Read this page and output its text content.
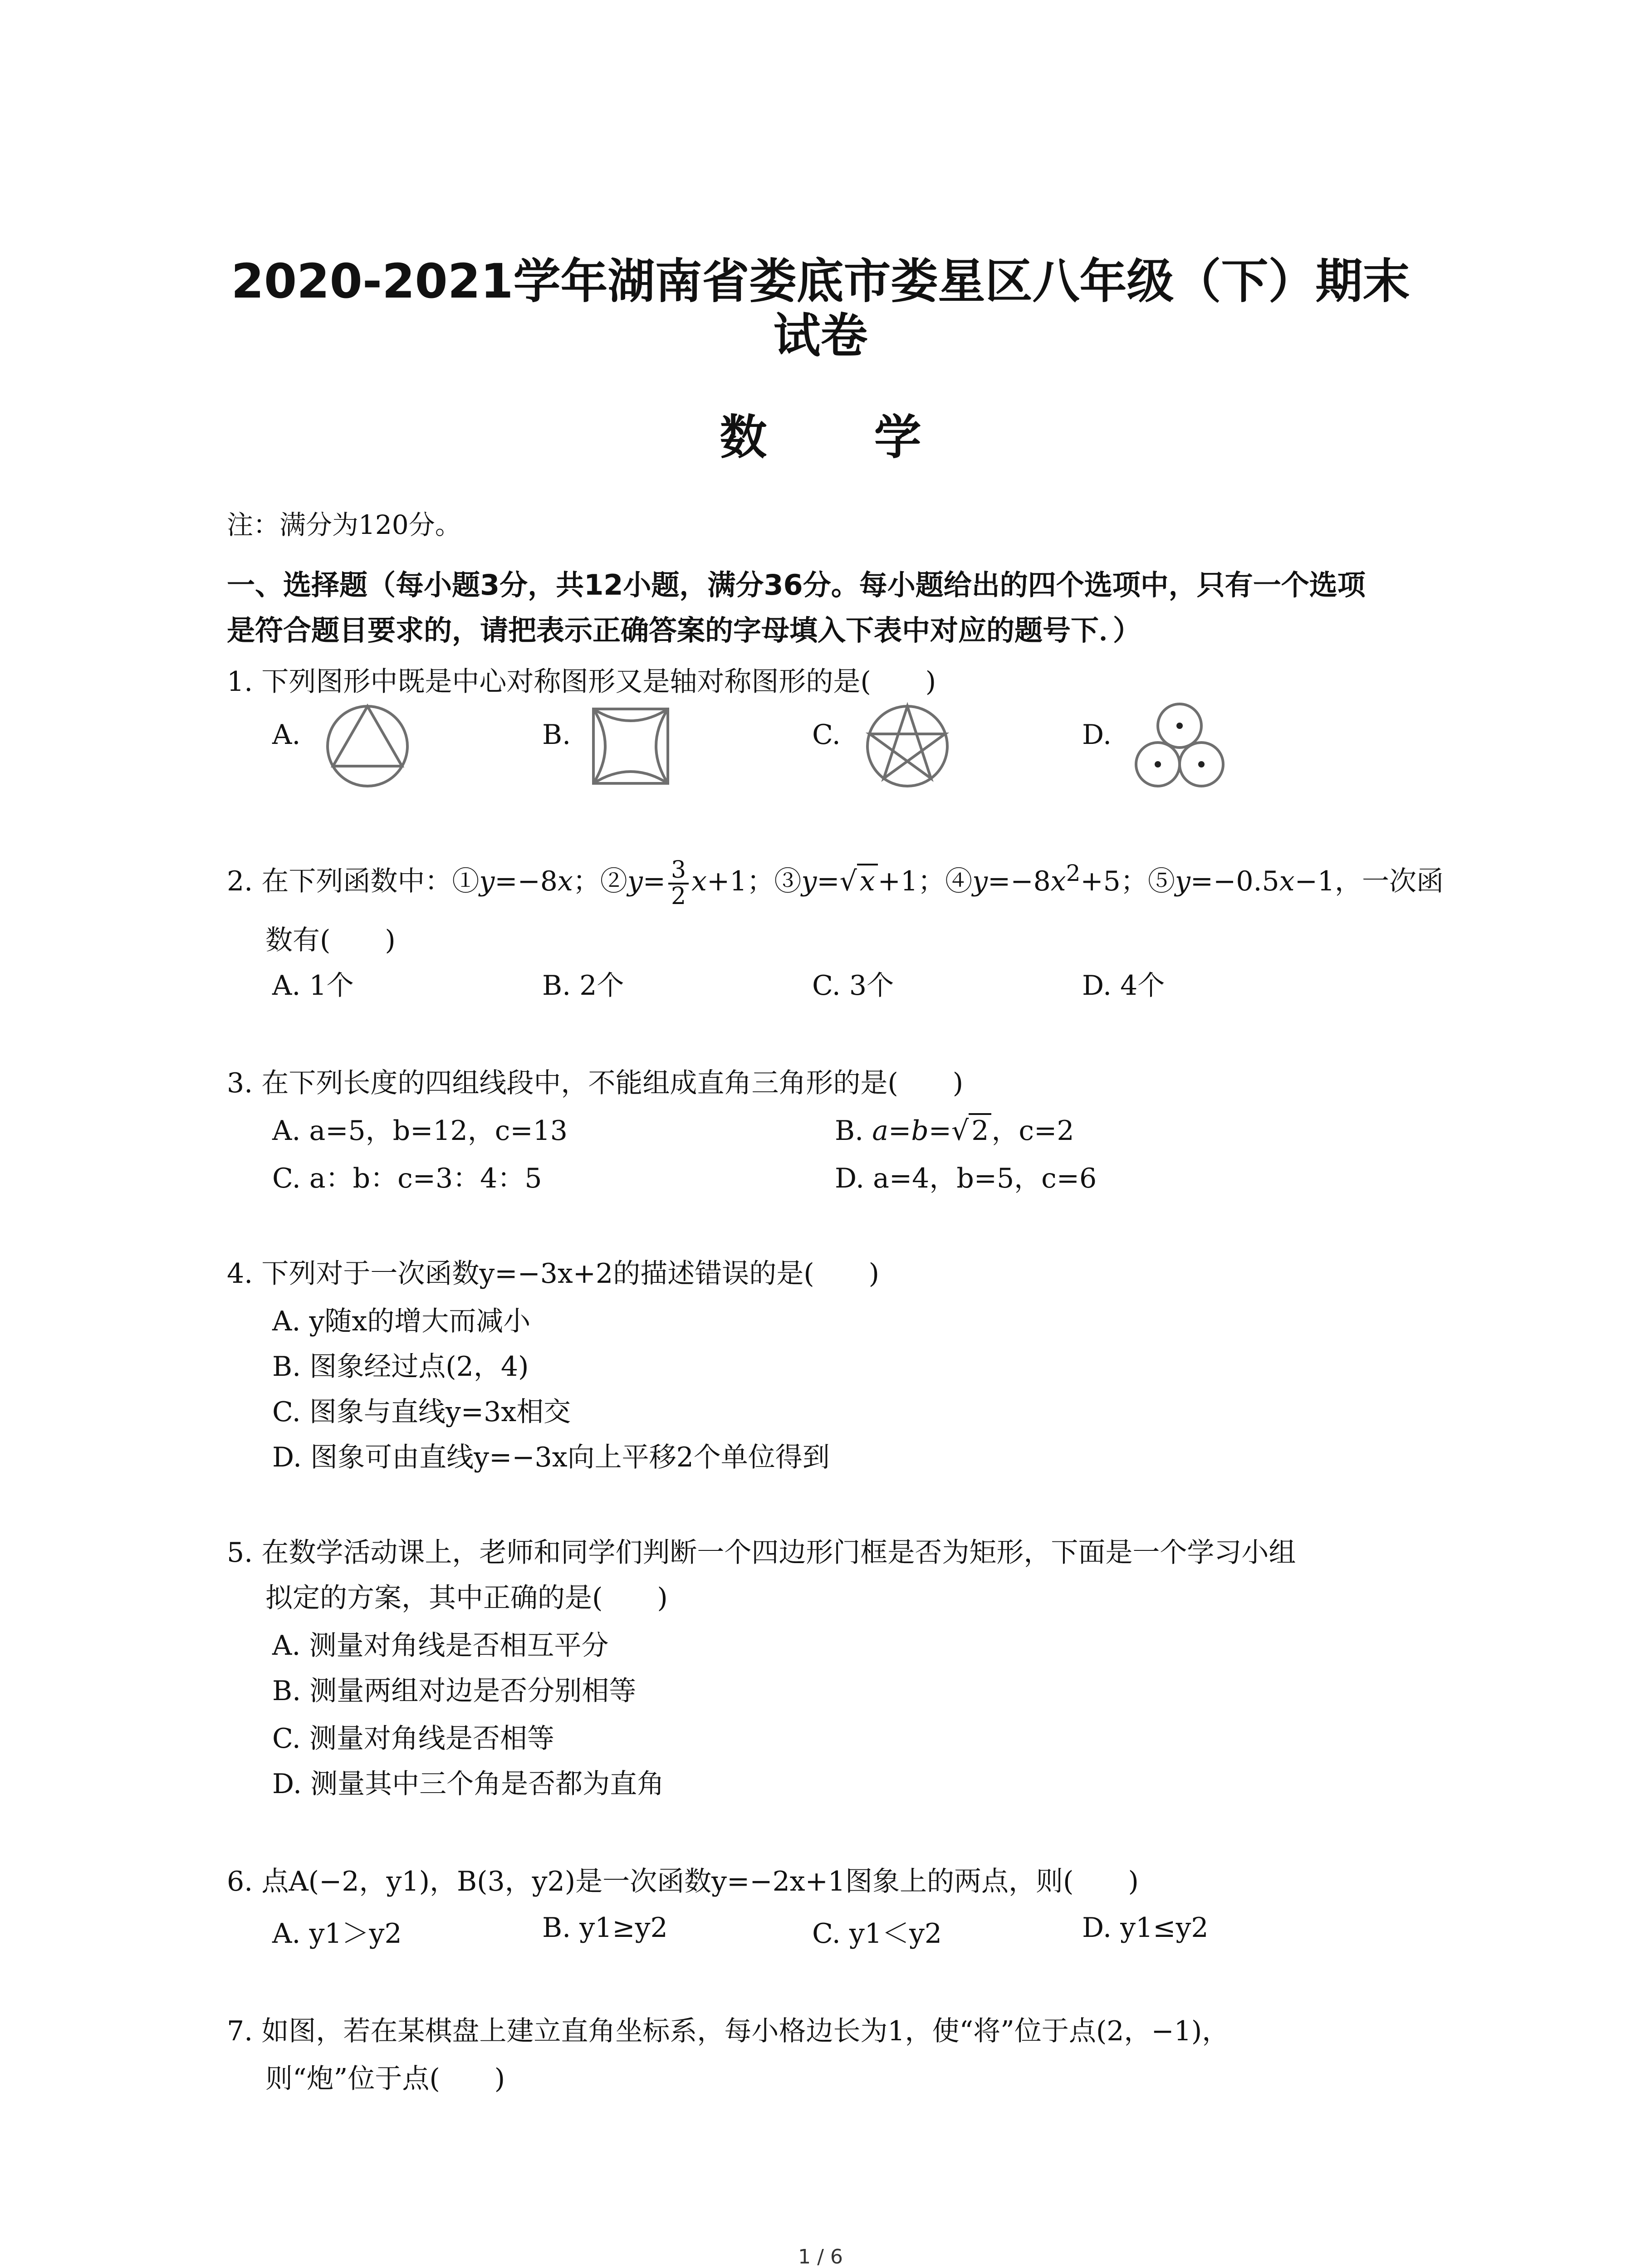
2020-2021学年湖南省娄底市娄星区八年级（下）期末
试卷
数 学
注：满分为120分。
一、选择题（每小题3分，共12小题，满分36分。每小题给出的四个选项中，只有一个选项
是符合题目要求的，请把表示正确答案的字母填入下表中对应的题号下．）
1. 下列图形中既是中心对称图形又是轴对称图形的是(　　)
A.	B.	C.	D.
2. 在下列函数中：①y=−8x；②y= $\frac{3}{2} x+1$；③y=√ x +1；$④y=-8x^2+5$；⑤y=−0.5x−1，一次函
数有(　　)
A. 1个	B. 2个	C. 3个	D. 4个
3. 在下列长度的四组线段中，不能组成直角三角形的是(　　)
A. a=5，b=12，c=13	B. a=b=√ 2 ，c=2
C. a：b：c=3：4：5	D. a=4，b=5，c=6
4. 下列对于一次函数y=−3x+2的描述错误的是(　　)
A. y随x的增大而减小
B. 图象经过点(2，4)
C. 图象与直线y=3x相交
D. 图象可由直线y=−3x向上平移2个单位得到
5. 在数学活动课上，老师和同学们判断一个四边形门框是否为矩形，下面是一个学习小组
拟定的方案，其中正确的是(　　)
A. 测量对角线是否相互平分
B. 测量两组对边是否分别相等
C. 测量对角线是否相等
D. 测量其中三个角是否都为直角
6. 点A(−2，y1)，B(3，y2)是一次函数y=−2x+1图象上的两点，则(　　)
A. y1＞y2	B. y1≥y2	C. y1＜y2	D. y1≤y2
7. 如图，若在某棋盘上建立直角坐标系，每小格边长为1，使“将”位于点(2，−1)，
则“炮”位于点(　　)
1 / 6
